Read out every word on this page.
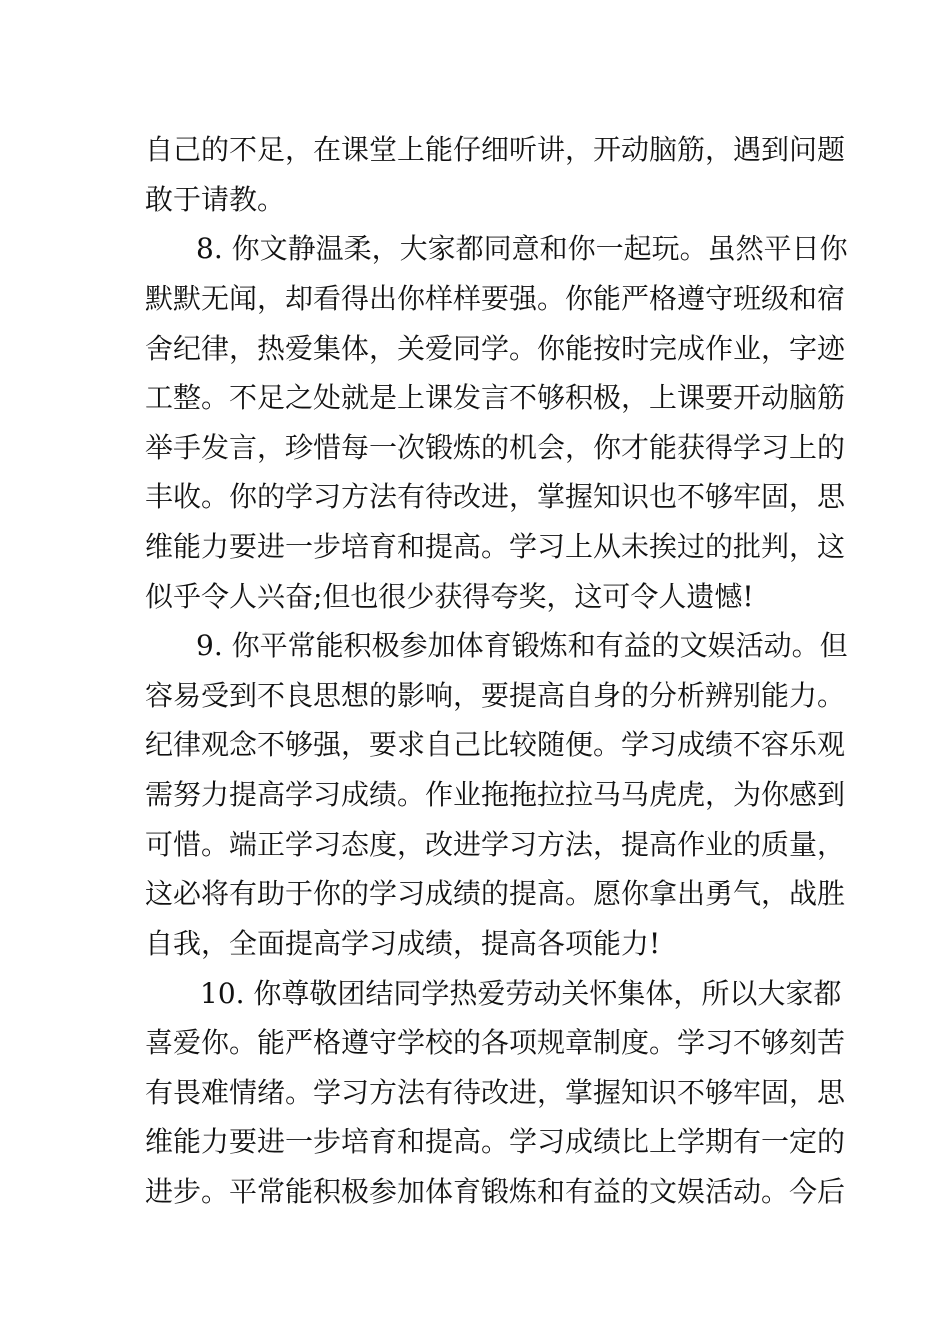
自己的不足，在课堂上能仔细听讲，开动脑筋，遇到问题
敢于请教。
8. 你文静温柔，大家都同意和你一起玩。虽然平日你
默默无闻，却看得出你样样要强。你能严格遵守班级和宿
舍纪律，热爱集体，关爱同学。你能按时完成作业，字迹
工整。不足之处就是上课发言不够积极，上课要开动脑筋
举手发言，珍惜每一次锻炼的机会，你才能获得学习上的
丰收。你的学习方法有待改进，掌握知识也不够牢固，思
维能力要进一步培育和提高。学习上从未挨过的批判，这
似乎令人兴奋;但也很少获得夸奖，这可令人遗憾!
9. 你平常能积极参加体育锻炼和有益的文娱活动。但
容易受到不良思想的影响，要提高自身的分析辨别能力。
纪律观念不够强，要求自己比较随便。学习成绩不容乐观
需努力提高学习成绩。作业拖拖拉拉马马虎虎，为你感到
可惜。端正学习态度，改进学习方法，提高作业的质量，
这必将有助于你的学习成绩的提高。愿你拿出勇气，战胜
自我，全面提高学习成绩，提高各项能力!
10. 你尊敬团结同学热爱劳动关怀集体，所以大家都
喜爱你。能严格遵守学校的各项规章制度。学习不够刻苦
有畏难情绪。学习方法有待改进，掌握知识不够牢固，思
维能力要进一步培育和提高。学习成绩比上学期有一定的
进步。平常能积极参加体育锻炼和有益的文娱活动。今后
